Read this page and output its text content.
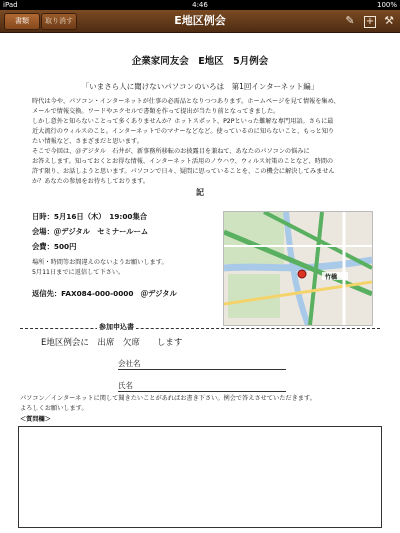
iPad	4:46	100%
書類	取り消す	E地区例会	✎ + ⚒
企業家同友会　E地区　5月例会
「いまさら人に聞けないパソコンのいろは　第1回インターネット編」
時代は今や、パソコン・インターネットが仕事の必需品となりつつあります。ホームページを見て情報を集め、
メールで情報交換。ワードやエクセルで書類を作って提出が当たり前となってきました。
しかし意外と知らないことって多くありませんか？ホットスポット、P2Pといった難解な専門用語。さらに最
近大流行のウィルスのこと。インターネットでのマナーなどなど。使っているのに知らないこと、もっと知り
たい情報など、さまざまだと思います。
そこで今回は、＠デジタル　石井が、新事務所移転のお披露目を兼ねて、あなたのパソコンの悩みに
お答えします。知っておくとお得な情報、インターネット活用のノウハウ、ウィルス対策のことなど、時間の
許す限り、お話しようと思います。パソコンで日々、疑問に思っていることを、この機会に解決してみません
か？あなたの参加をお待ちしております。
記
日時：5月16日（木）　19:00集合
会場：＠デジタル　セミナールーム
会費：500円
場所・時間等お間違えのないようお願いします。
5月11日までに返信して下さい。
返信先：FAX084-000-0000　＠デジタル
竹橋
参加申込書
E地区例会に　出席　欠席　　します
会社名
氏名
パソコン／インターネットに関して聞きたいことがあればお書き下さい。例会で答えさせていただきます。
よろしくお願いします。
＜質問欄＞
